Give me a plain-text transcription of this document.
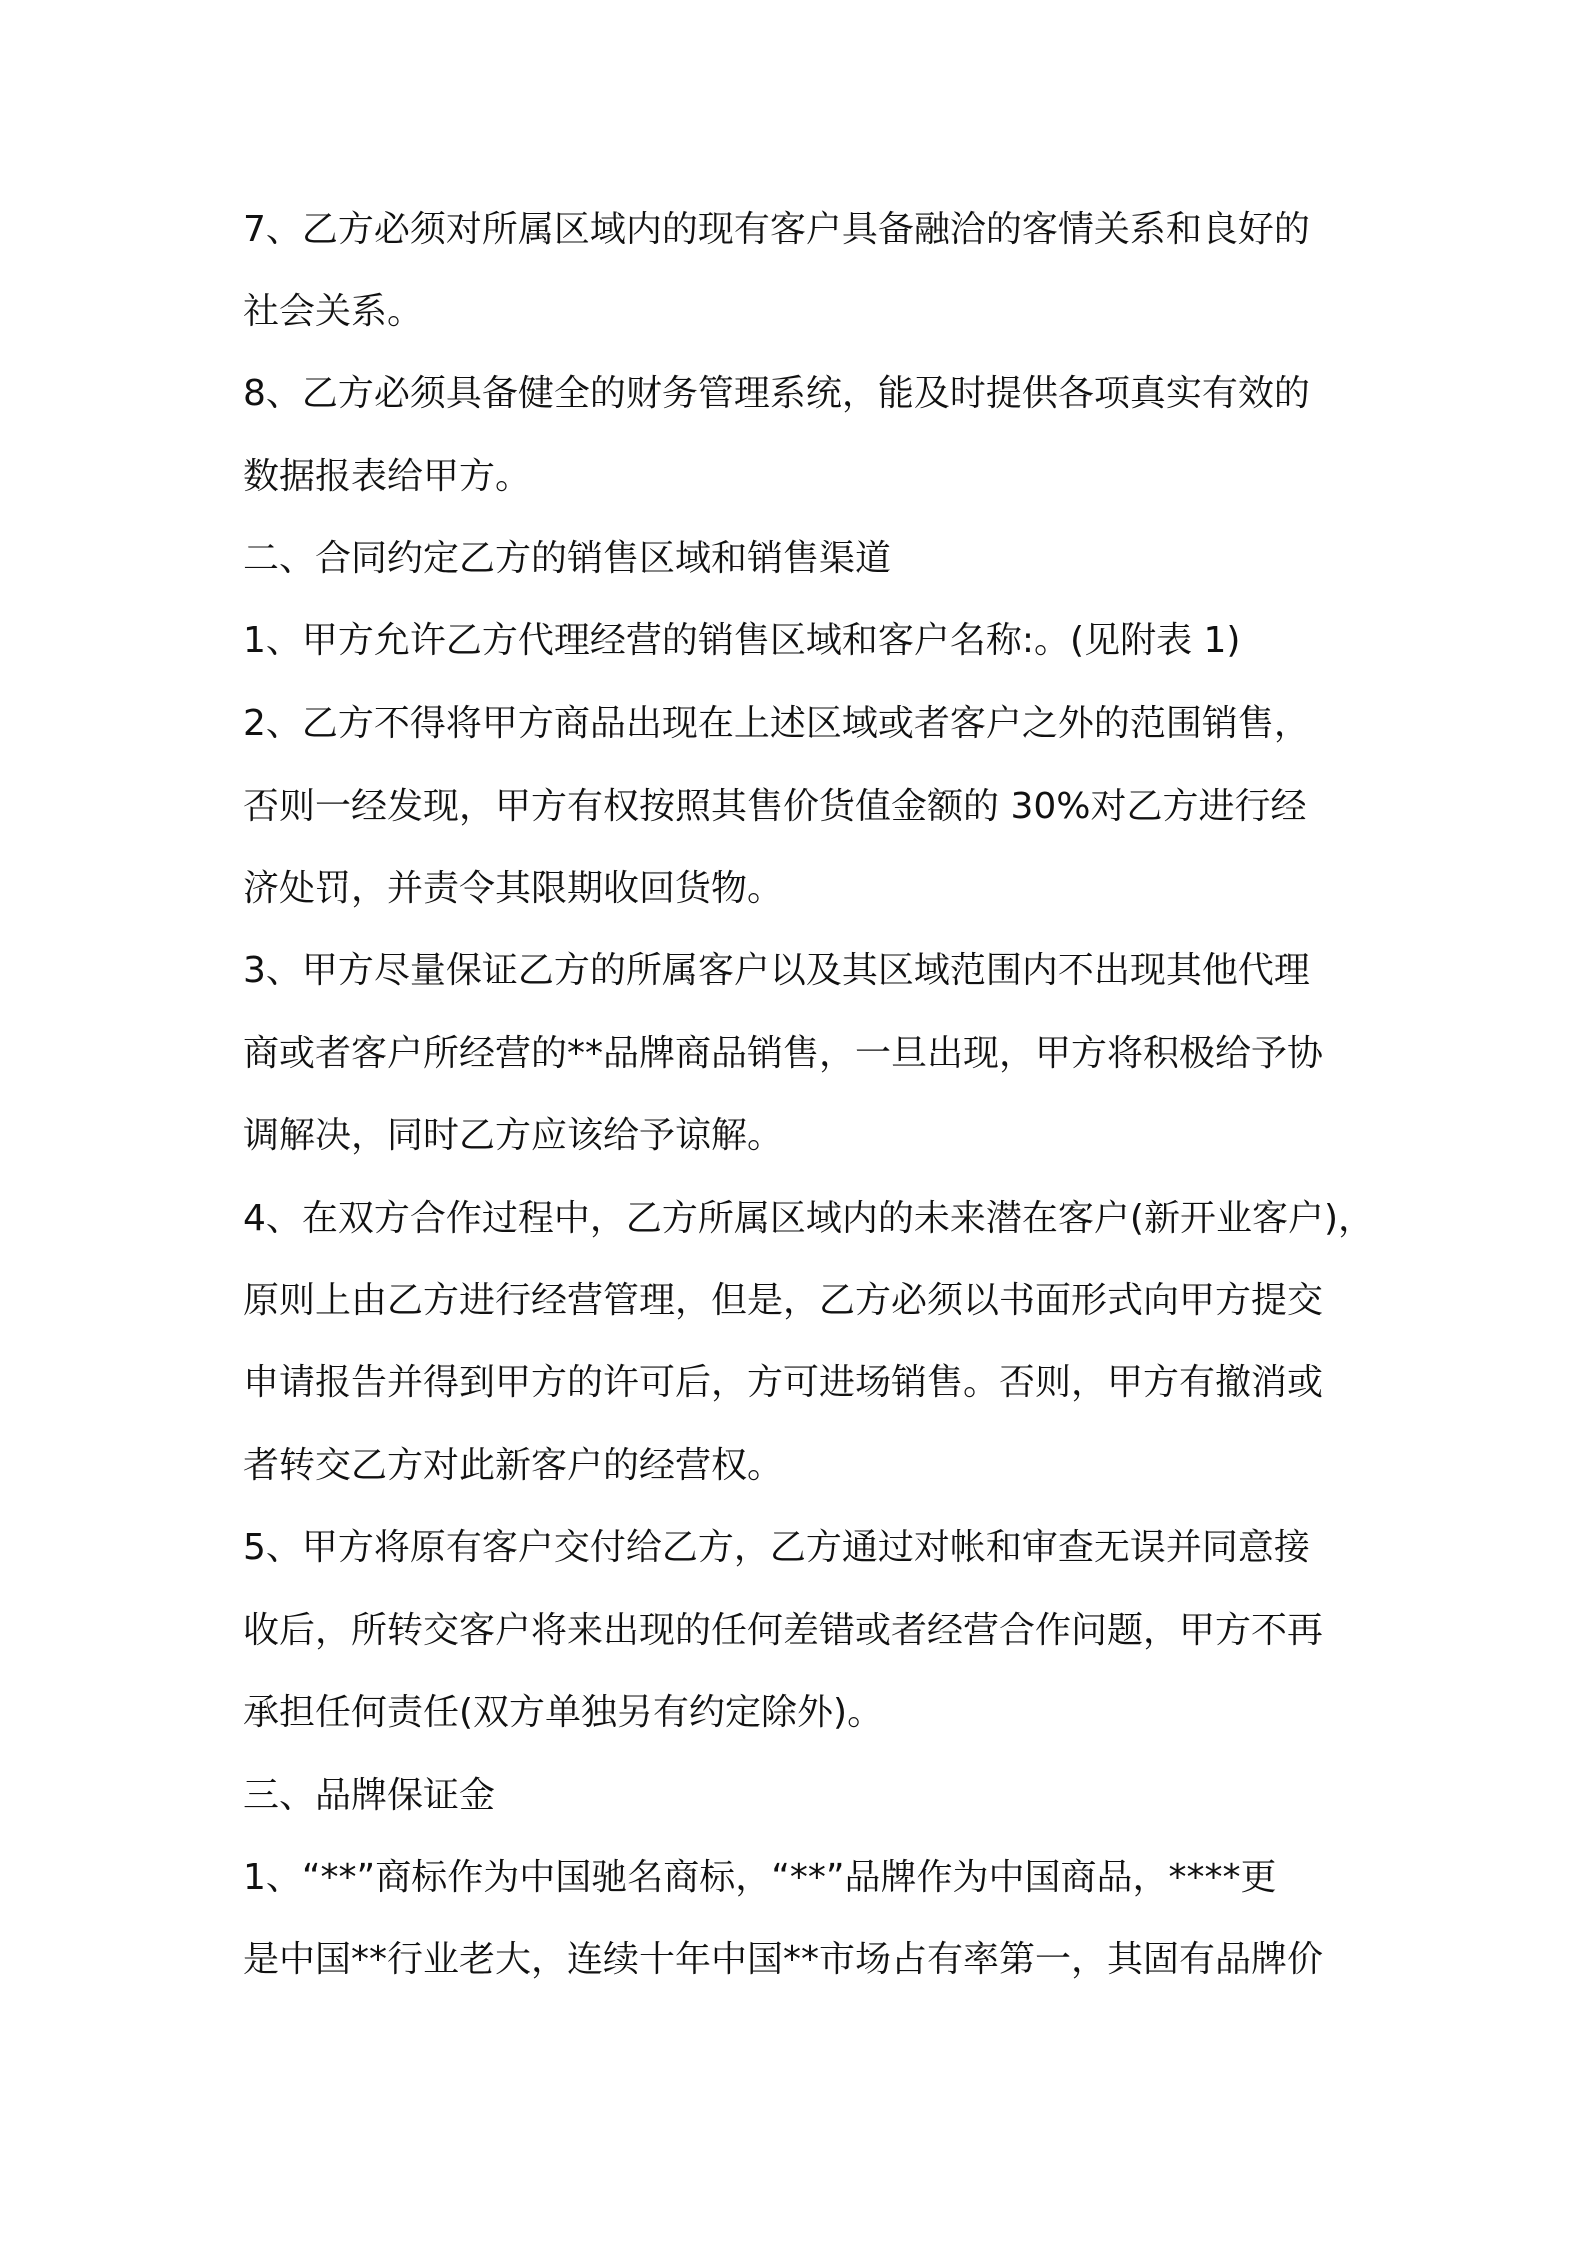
7、乙方必须对所属区域内的现有客户具备融洽的客情关系和良好的
社会关系。
8、乙方必须具备健全的财务管理系统，能及时提供各项真实有效的
数据报表给甲方。
二、合同约定乙方的销售区域和销售渠道
1、甲方允许乙方代理经营的销售区域和客户名称:。(见附表 1)
2、乙方不得将甲方商品出现在上述区域或者客户之外的范围销售，
否则一经发现，甲方有权按照其售价货值金额的 30%对乙方进行经
济处罚，并责令其限期收回货物。
3、甲方尽量保证乙方的所属客户以及其区域范围内不出现其他代理
商或者客户所经营的**品牌商品销售，一旦出现，甲方将积极给予协
调解决，同时乙方应该给予谅解。
4、在双方合作过程中，乙方所属区域内的未来潜在客户(新开业客户)，
原则上由乙方进行经营管理，但是，乙方必须以书面形式向甲方提交
申请报告并得到甲方的许可后，方可进场销售。否则，甲方有撤消或
者转交乙方对此新客户的经营权。
5、甲方将原有客户交付给乙方，乙方通过对帐和审查无误并同意接
收后，所转交客户将来出现的任何差错或者经营合作问题，甲方不再
承担任何责任(双方单独另有约定除外)。
三、品牌保证金
1、“**”商标作为中国驰名商标，“**”品牌作为中国商品，****更
是中国**行业老大，连续十年中国**市场占有率第一，其固有品牌价
